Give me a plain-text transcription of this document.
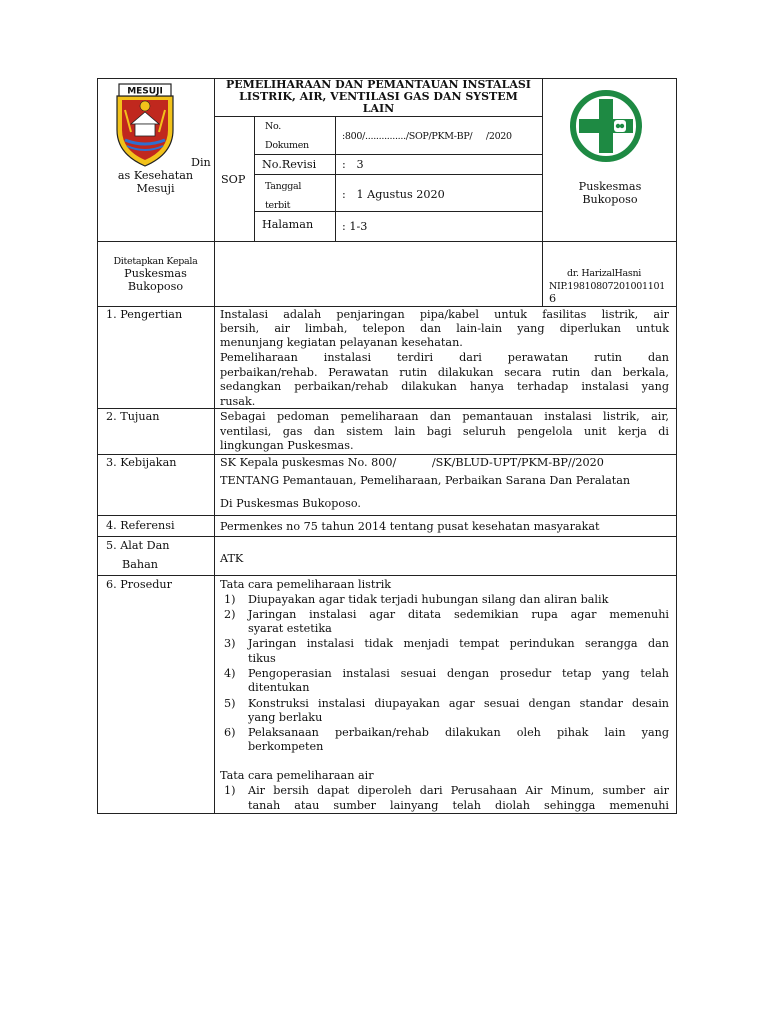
MESUJI
Din
as Kesehatan
Mesuji
PEMELIHARAAN DAN PEMANTAUAN INSTALASI
LISTRIK, AIR, VENTILASI GAS DAN SYSTEM
LAIN
SOP
No.
Dokumen
:800/.............../SOP/PKM-BP/     /2020
No.Revisi :   3
Tanggal
terbit
:   1 Agustus 2020
Halaman	: 1-3
Puskesmas
Bukoposo
Ditetapkan Kepala
Puskesmas
Bukoposo
dr. HarizalHasni
NIP.19810807201001101
6
1. Pengertian	Instalasi adalah penjaringan pipa/kabel untuk fasilitas listrik, air
bersih, air limbah, telepon dan lain-lain yang diperlukan untuk
menunjang kegiatan pelayanan kesehatan.
Pemeliharaan instalasi terdiri dari perawatan rutin dan
perbaikan/rehab. Perawatan rutin dilakukan secara rutin dan berkala,
sedangkan perbaikan/rehab dilakukan hanya terhadap instalasi yang
rusak.
2. Tujuan	Sebagai pedoman pemeliharaan dan pemantauan instalasi listrik, air,
ventilasi, gas dan sistem lain bagi seluruh pengelola unit kerja di
lingkungan Puskesmas.
3. Kebijakan	SK Kepala puskesmas No. 800/          /SK/BLUD-UPT/PKM-BP//2020
TENTANG Pemantauan, Pemeliharaan, Perbaikan Sarana Dan Peralatan
Di Puskesmas Bukoposo.
4. Referensi	Permenkes no 75 tahun 2014 tentang pusat kesehatan masyarakat
5. Alat Dan
Bahan	ATK
6. Prosedur	Tata cara pemeliharaan listrik
1) Diupayakan agar tidak terjadi hubungan silang dan aliran balik
2) Jaringan instalasi agar ditata sedemikian rupa agar memenuhi
syarat estetika
3) Jaringan instalasi tidak menjadi tempat perindukan serangga dan
tikus
4) Pengoperasian instalasi sesuai dengan prosedur tetap yang telah
ditentukan
5) Konstruksi instalasi diupayakan agar sesuai dengan standar desain
yang berlaku
6) Pelaksanaan perbaikan/rehab dilakukan oleh pihak lain yang
berkompeten
Tata cara pemeliharaan air
1) Air bersih dapat diperoleh dari Perusahaan Air Minum, sumber air
tanah atau sumber lainyang telah diolah sehingga memenuhi
